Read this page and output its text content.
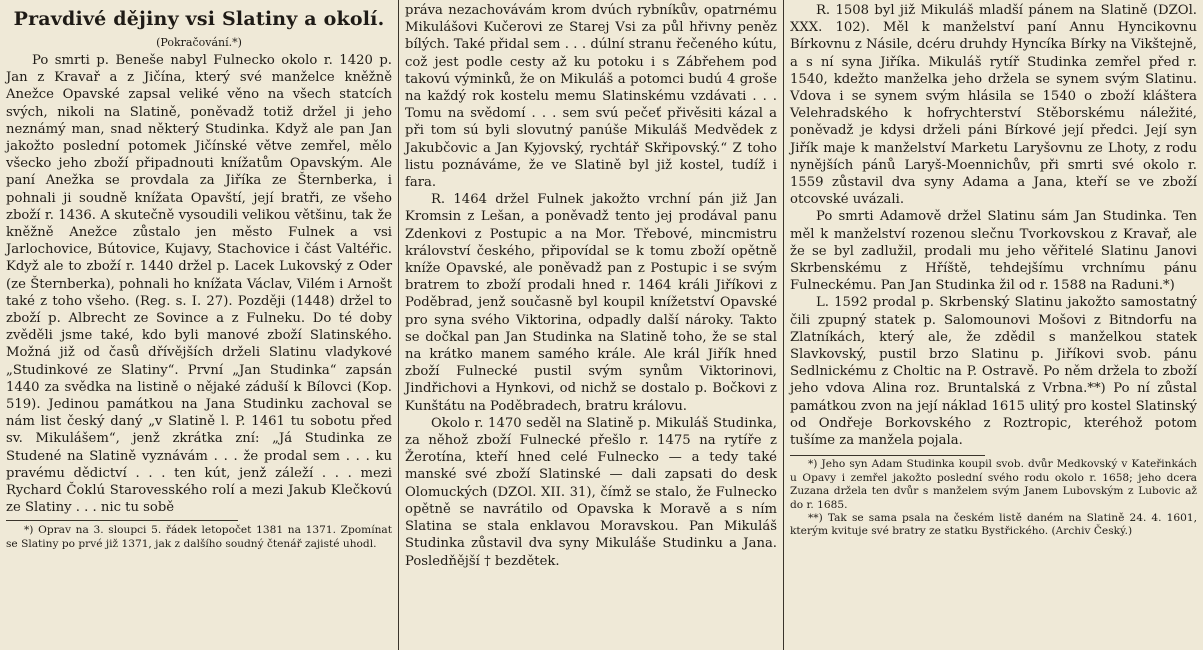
Pravdivé dějiny vsi Slatiny a okolí.
(Pokračování.*)

Po smrti p. Beneše nabyl Fulnecko okolo r. 1420 p. Jan z Kravař a z Jičína, který své manželce kněžně Anežce Opavské zapsal veliké věno na všech statcích svých, nikoli na Slatině, poněvadž totiž držel ji jeho neznámý man, snad některý Studinka. Když ale pan Jan jakožto poslední potomek Jičínské větve zemřel, mělo všecko jeho zboží připadnouti knížatům Opavským. Ale paní Anežka se provdala za Jiříka ze Šternberka, i pohnali ji soudně knížata Opavští, její bratři, ze všeho zboží r. 1436. A skutečně vysoudili velikou většinu, tak že kněžně Anežce zůstalo jen město Fulnek a vsi Jarlochovice, Bútovice, Kujavy, Stachovice i část Valtéřic. Když ale to zboží r. 1440 držel p. Lacek Lukovský z Oder (ze Šternberka), pohnali ho knížata Václav, Vilém i Arnošt také z toho všeho. (Reg. s. I. 27). Později (1448) držel to zboží p. Albrecht ze Sovince a z Fulneku. Do té doby zvěděli jsme také, kdo byli manové zboží Slatinského. Možná již od časů dřívějších drželi Slatinu vladykové „Studinkové ze Slatiny“. První „Jan Studinka“ zapsán 1440 za svědka na listině o nějaké záduší k Bílovci (Kop. 519). Jedinou památkou na Jana Studinku zachoval se nám list český daný „v Slatině l. P. 1461 tu sobotu před sv. Mikulášem“, jenž zkrátka zní: „Já Studinka ze Studené na Slatině vyznávám . . . že prodal sem . . . ku pravému dědictví . . . ten kút, jenž záleží . . . mezi Rychard Čoklú Starovesského rolí a mezi Jakub Klečkovú ze Slatiny . . . nic tu sobě

*) Oprav na 3. sloupci 5. řádek letopočet 1381 na 1371. Zpomínat se Slatiny po prvé již 1371, jak z dalšího soudný čtenář zajisté uhodl.

práva nezachovávám krom dvúch rybníkův, opatrnému Mikulášovi Kučerovi ze Starej Vsi za půl hřivny peněz bílých. Také přidal sem . . . dúlní stranu řečeného kútu, což jest podle cesty až ku potoku i s Zábřehem pod takovú výminků, že on Mikuláš a potomci budú 4 groše na každý rok kostelu memu Slatinskému vzdávati . . . Tomu na svědomí . . . sem svú pečeť přivěsiti kázal a při tom sú byli slovutný panúše Mikuláš Medvědek z Jakubčovic a Jan Kyjovský, rychtář Skřipovský.“ Z toho listu poznáváme, že ve Slatině byl již kostel, tudíž i fara.

R. 1464 držel Fulnek jakožto vrchní pán již Jan Kromsin z Lešan, a poněvadž tento jej prodával panu Zdenkovi z Postupic a na Mor. Třebové, mincmistru království českého, připovídal se k tomu zboží opětně kníže Opavské, ale poněvadž pan z Postupic i se svým bratrem to zboží prodali hned r. 1464 králi Jiříkovi z Poděbrad, jenž současně byl koupil knížetství Opavské pro syna svého Viktorina, odpadly další nároky. Takto se dočkal pan Jan Studinka na Slatině toho, že se stal na krátko manem samého krále. Ale král Jiřík hned zboží Fulnecké pustil svým synům Viktorinovi, Jindřichovi a Hynkovi, od nichž se dostalo p. Bočkovi z Kunštátu na Poděbradech, bratru královu.

Okolo r. 1470 seděl na Slatině p. Mikuláš Studinka, za něhož zboží Fulnecké přešlo r. 1475 na rytíře z Žerotína, kteří hned celé Fulnecko — a tedy také manské své zboží Slatinské — dali zapsati do desk Olomuckých (DZOl. XII. 31), čímž se stalo, že Fulnecko opětně se navrátilo od Opavska k Moravě a s ním Slatina se stala enklavou Moravskou. Pan Mikuláš Studinka zůstavil dva syny Mikuláše Studinku a Jana. Posledňější † bezdětek.

R. 1508 byl již Mikuláš mladší pánem na Slatině (DZOl. XXX. 102). Měl k manželství paní Annu Hyncikovnu Bírkovnu z Násile, dcéru druhdy Hyncíka Bírky na Vikštejně, a s ní syna Jiříka. Mikuláš rytíř Studinka zemřel před r. 1540, kdežto manželka jeho držela se synem svým Slatinu. Vdova i se synem svým hlásila se 1540 o zboží kláštera Velehradského k hofrychterství Stěborskému náležité, poněvadž je kdysi drželi páni Bírkové její předci. Její syn Jiřík maje k manželství Marketu Laryšovnu ze Lhoty, z rodu nynějších pánů Laryš-Moennichův, při smrti své okolo r. 1559 zůstavil dva syny Adama a Jana, kteří se ve zboží otcovské uvázali.

Po smrti Adamově držel Slatinu sám Jan Studinka. Ten měl k manželství rozenou slečnu Tvorkovskou z Kravař, ale že se byl zadlužil, prodali mu jeho věřitelé Slatinu Janovi Skrbenskému z Hříště, tehdejšímu vrchnímu pánu Fulneckému. Pan Jan Studinka žil od r. 1588 na Raduni.*)

L. 1592 prodal p. Skrbenský Slatinu jakožto samostatný čili zpupný statek p. Salomounovi Mošovi z Bitndorfu na Zlatníkách, který ale, že zdědil s manželkou statek Slavkovský, pustil brzo Slatinu p. Jiříkovi svob. pánu Sedlnickému z Choltic na P. Ostravě. Po něm držela to zboží jeho vdova Alina roz. Bruntalská z Vrbna.**) Po ní zůstal památkou zvon na její náklad 1615 ulitý pro kostel Slatinský od Ondřeje Borkovského z Roztropic, kteréhož potom tušíme za manžela pojala.

*) Jeho syn Adam Studinka koupil svob. dvůr Medkovský v Kateřinkách u Opavy i zemřel jakožto poslední svého rodu okolo r. 1658; jeho dcera Zuzana držela ten dvůr s manželem svým Janem Lubovským z Lubovic až do r. 1685.

**) Tak se sama psala na českém listě daném na Slatině 24. 4. 1601, kterým kvituje své bratry ze statku Bystřického. (Archiv Český.)
